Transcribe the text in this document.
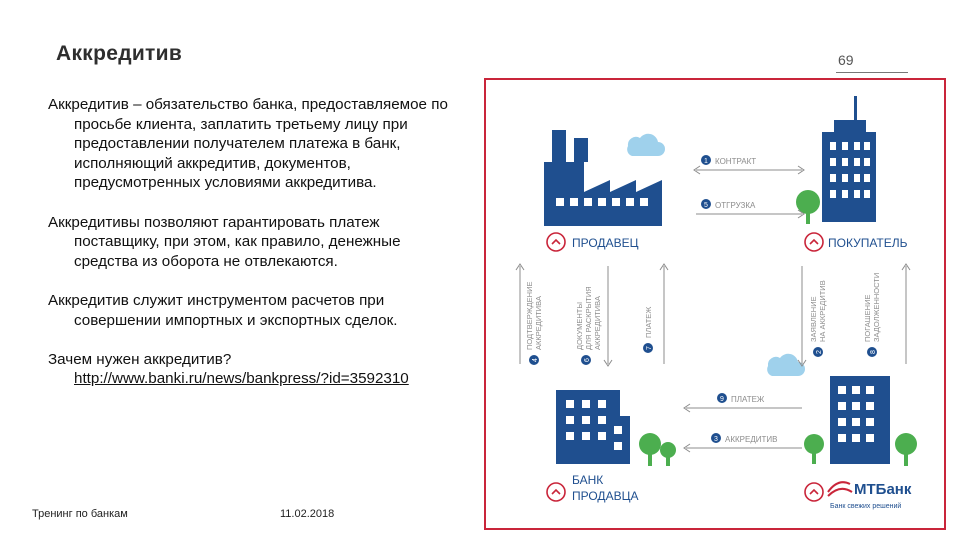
Аккредитив	69
Аккредитив – обязательство банка, предоставляемое по просьбе клиента, заплатить третьему лицу при предоставлении получателем платежа в банк, исполняющий аккредитив, документов, предусмотренных условиями аккредитива.
Аккредитивы позволяют гарантировать платеж поставщику, при этом, как правило, денежные средства из оборота не отвлекаются.
Аккредитив служит инструментом расчетов при совершении импортных и экспортных сделок.
Зачем нужен аккредитив?
http://www.banki.ru/news/bankpress/?id=3592310
Тренинг по банкам	11.02.2018
ПРОДАВЕЦ	ПОКУПАТЕЛЬ
БАНК
ПРОДАВЦА	МТБанк
Банк свежих решений
1 КОНТРАКТ
5 ОТГРУЗКА
9 ПЛАТЕЖ
3 АККРЕДИТИВ
4
ПОДТВЕРЖДЕНИЕ АККРЕДИТИВА
6
ДОКУМЕНТЫ ДЛЯ РАСКРЫТИЯ АККРЕДИТИВА	7
ПЛАТЕЖ
2
ЗАЯВЛЕНИЕ НА АККРЕДИТИВ
8
ПОГАШЕНИЕ ЗАДОЛЖЕННОСТИ
